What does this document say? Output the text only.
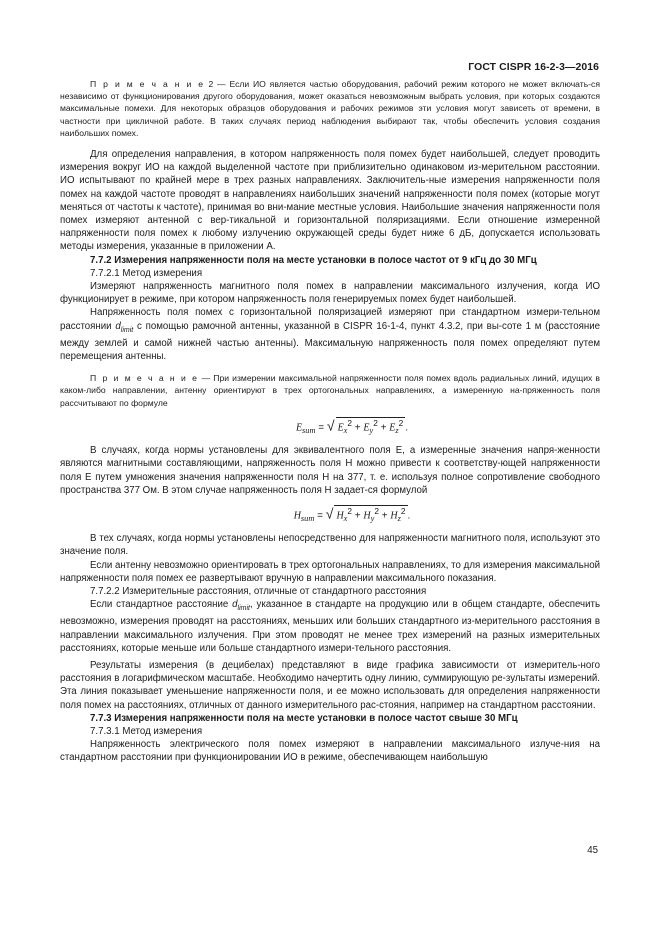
ГОСТ CISPR 16-2-3—2016

П р и м е ч а н и е 2 — Если ИО является частью оборудования, рабочий режим которого не может включать-ся независимо от функционирования другого оборудования, может оказаться невозможным выбрать условия, при которых создаются максимальные помехи. Для некоторых образцов оборудования и рабочих режимов эти условия могут зависеть от времени, в частности при цикличной работе. В таких случаях период наблюдения выбирают так, чтобы обеспечить условия создания наибольших помех.

Для определения направления, в котором напряженность поля помех будет наибольшей, следует проводить измерения вокруг ИО на каждой выделенной частоте при приблизительно одинаковом из-мерительном расстоянии. ИО испытывают по крайней мере в трех разных направлениях. Заключитель-ные измерения напряженности поля помех на каждой частоте проводят в направлениях наибольших значений напряженности поля помех (которые могут меняться от частоты к частоте), принимая во вни-мание местные условия. Наибольшие значения напряженности поля помех измеряют антенной с вер-тикальной и горизонтальной поляризациями. Если отношение измеренной напряженности поля помех к любому излучению окружающей среды будет ниже 6 дБ, допускается использовать методы измерения, указанные в приложении А.

7.7.2 Измерения напряженности поля на месте установки в полосе частот от 9 кГц до 30 МГц

7.7.2.1 Метод измерения

Измеряют напряженность магнитного поля помех в направлении максимального излучения, когда ИО функционирует в режиме, при котором напряженность поля генерируемых помех будет наибольшей.

Напряженность поля помех с горизонтальной поляризацией измеряют при стандартном измери-тельном расстоянии $d_{limit}$ с помощью рамочной антенны, указанной в CISPR 16-1-4, пункт 4.3.2, при вы-соте 1 м (расстояние между землей и самой нижней частью антенны). Максимальную напряженность поля помех определяют путем перемещения антенны.

П р и м е ч а н и е — При измерении максимальной напряженности поля помех вдоль радиальных линий, идущих в каком-либо направлении, антенну ориентируют в трех ортогональных направлениях, а измеренную на-пряженность поля рассчитывают по формуле

$E_{sum}$ = √ $E_x^2 + E_y^2 + E_z^2$ .

В случаях, когда нормы установлены для эквивалентного поля E, а измеренные значения напря-женности являются магнитными составляющими, напряженность поля H можно привести к соответству-ющей напряженности поля E путем умножения значения напряженности поля H на 377, т. е. используя полное сопротивление свободного пространства 377 Ом. В этом случае напряженность поля H задает-ся формулой

$H_{sum}$ = √ $H_x^2 + H_y^2 + H_z^2$ .

В тех случаях, когда нормы установлены непосредственно для напряженности магнитного поля, используют это значение поля.

Если антенну невозможно ориентировать в трех ортогональных направлениях, то для измерения максимальной напряженности поля помех ее развертывают вручную в направлении максимального показания.

7.7.2.2 Измерительные расстояния, отличные от стандартного расстояния

Если стандартное расстояние $d_{limit}$, указанное в стандарте на продукцию или в общем стандарте, обеспечить невозможно, измерения проводят на расстояниях, меньших или больших стандартного из-мерительного расстояния в направлении максимального излучения. При этом проводят не менее трех измерений на разных измерительных расстояниях, которые меньше или больше стандартного измери-тельного расстояния.

Результаты измерения (в децибелах) представляют в виде графика зависимости от измеритель-ного расстояния в логарифмическом масштабе. Необходимо начертить одну линию, суммирующую ре-зультаты измерений. Эта линия показывает уменьшение напряженности поля, и ее можно использовать для определения напряженности поля помех на расстояниях, отличных от данного измерительного рас-стояния, например на стандартном расстоянии.

7.7.3 Измерения напряженности поля на месте установки в полосе частот свыше 30 МГц

7.7.3.1 Метод измерения

Напряженность электрического поля помех измеряют в направлении максимального излуче-ния на стандартном расстоянии при функционировании ИО в режиме, обеспечивающем наибольшую

45
